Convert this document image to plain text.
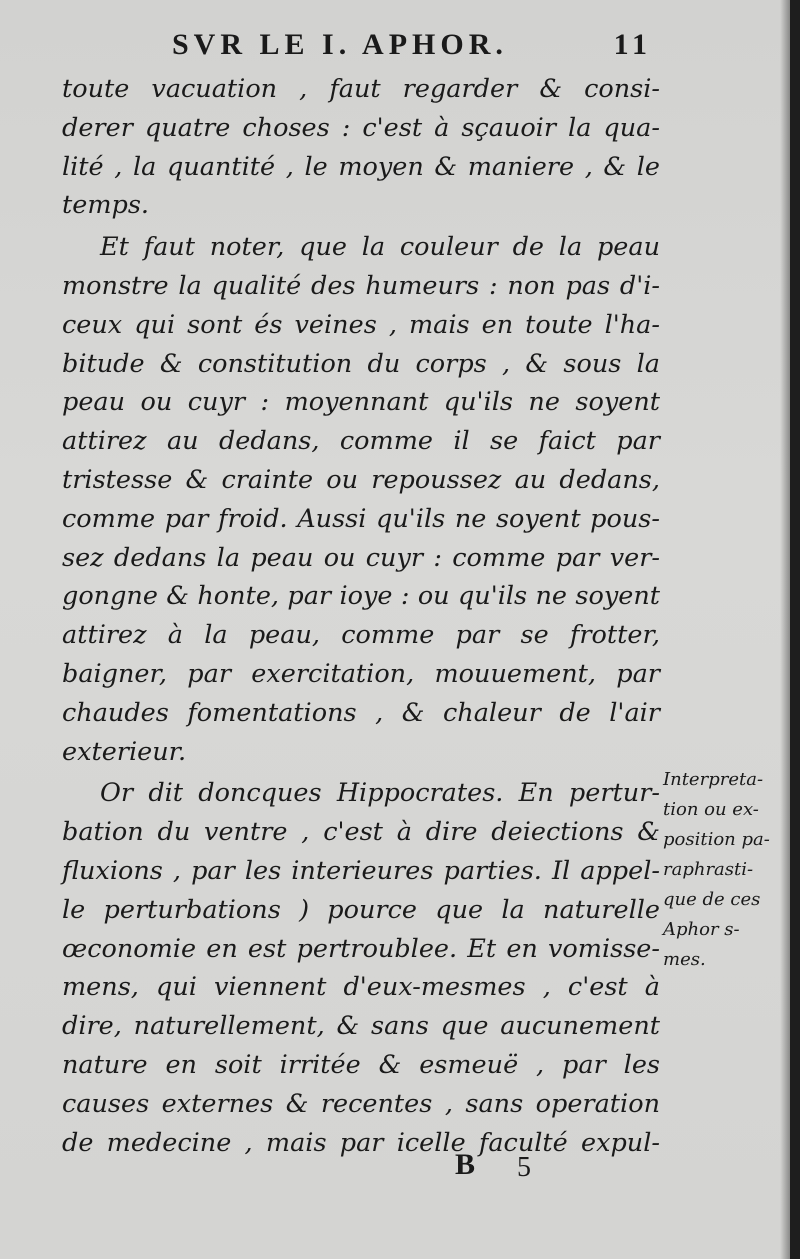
SVR LE I. APHOR.	11
toute vacuation , faut regarder & consi-
derer quatre choses : c'est à sçauoir la qua-
lité , la quantité , le moyen & maniere , & le
temps.
Et faut noter, que la couleur de la peau
monstre la qualité des humeurs : non pas d'i-
ceux qui sont és veines , mais en toute l'ha-
bitude & constitution du corps , & sous la
peau ou cuyr : moyennant qu'ils ne soyent
attirez au dedans, comme il se faict par
tristesse & crainte ou repoussez au dedans,
comme par froid. Aussi qu'ils ne soyent pous-
sez dedans la peau ou cuyr : comme par ver-
gongne & honte, par ioye : ou qu'ils ne soyent
attirez à la peau, comme par se frotter,
baigner, par exercitation, mouuement, par
chaudes fomentations , & chaleur de l'air
exterieur.
Or dit doncques Hippocrates. En pertur-
bation du ventre , c'est à dire deiections &
fluxions , par les interieures parties. Il appel-
le perturbations ) pource que la naturelle
œconomie en est pertroublee. Et en vomisse-
mens, qui viennent d'eux-mesmes , c'est à
dire, naturellement, & sans que aucunement
nature en soit irritée & esmeuë , par les
causes externes & recentes , sans operation
de medecine , mais par icelle faculté expul-
Interpreta-
tion ou ex-
position pa-
raphrasti-
que de ces
Aphor s-
mes.
B 5
